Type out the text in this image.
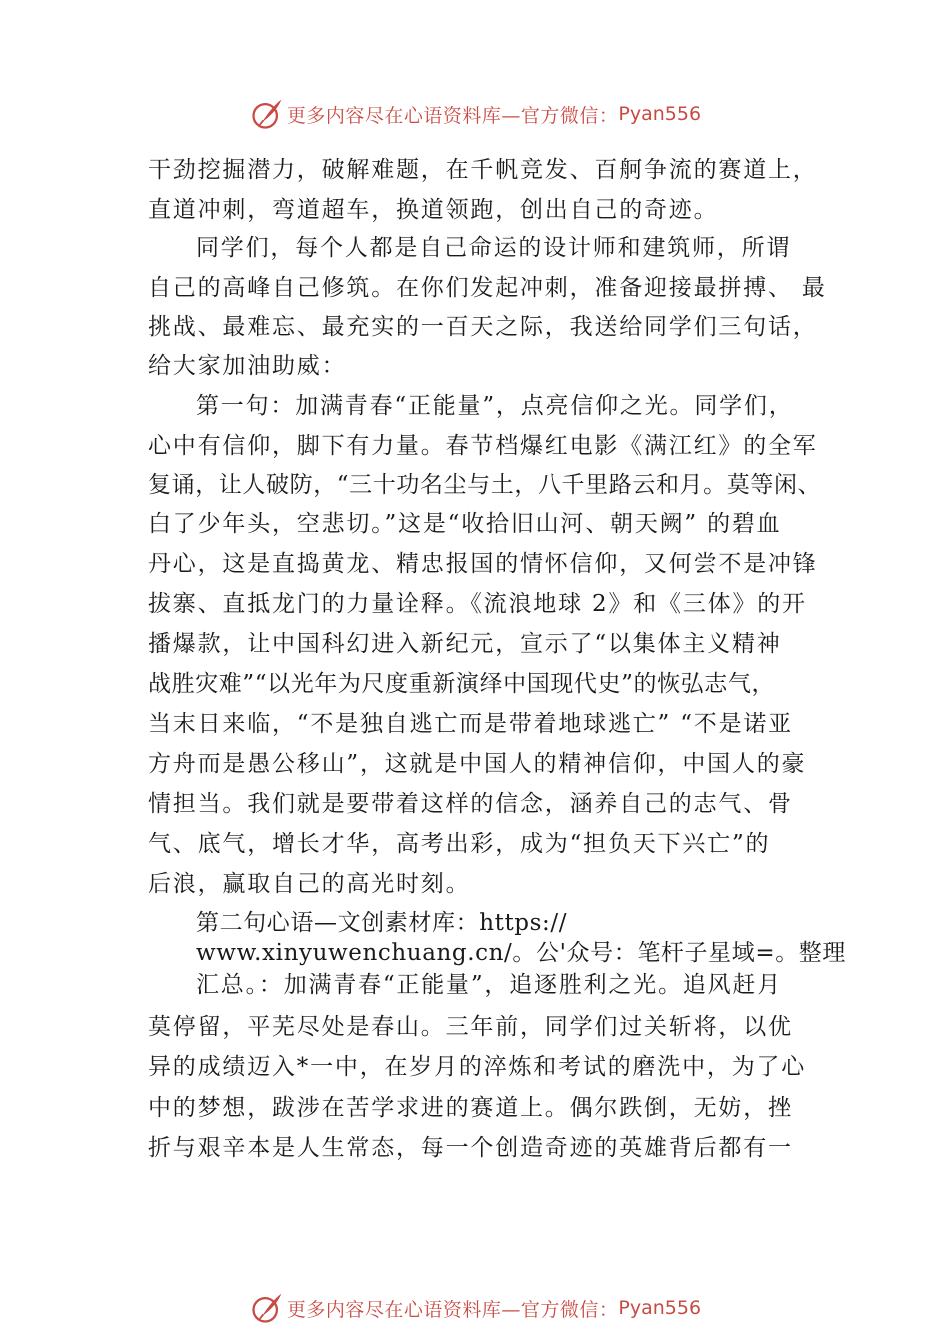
更多内容尽在心语资料库—官方微信： Pyan556
干劲挖掘潜力，破解难题，在千帆竞发、百舸争流的赛道上，
直道冲刺，弯道超车，换道领跑，创出自己的奇迹。
同学们，每个人都是自己命运的设计师和建筑师，所谓
自己的高峰自己修筑。在你们发起冲刺，准备迎接最拼搏、 最
挑战、最难忘、最充实的一百天之际，我送给同学们三句话，
给大家加油助威：
第一句：加满青春“正能量”，点亮信仰之光。同学们，
心中有信仰，脚下有力量。春节档爆红电影《满江红》的全军
复诵，让人破防，“三十功名尘与土，八千里路云和月。莫等闲、
白了少年头，空悲切。”这是“收拾旧山河、朝天阙” 的碧血
丹心，这是直捣黄龙、精忠报国的情怀信仰，又何尝不是冲锋
拔寨、直抵龙门的力量诠释。《流浪地球 2》和《三体》的开
播爆款，让中国科幻进入新纪元，宣示了“以集体主义精神
战胜灾难”“以光年为尺度重新演绎中国现代史”的恢弘志气，
当末日来临，“不是独自逃亡而是带着地球逃亡” “不是诺亚
方舟而是愚公移山”，这就是中国人的精神信仰，中国人的豪
情担当。我们就是要带着这样的信念，涵养自己的志气、骨
气、底气，增长才华，高考出彩，成为“担负天下兴亡”的
后浪，赢取自己的高光时刻。
第二句心语—文创素材库：https://
www.xinyuwenchuang.cn/。公'众号：笔杆子星域=。整理
汇总。：加满青春“正能量”，追逐胜利之光。追风赶月
莫停留，平芜尽处是春山。三年前，同学们过关斩将，以优
异的成绩迈入*一中，在岁月的淬炼和考试的磨洗中，为了心
中的梦想，跋涉在苦学求进的赛道上。偶尔跌倒，无妨，挫
折与艰辛本是人生常态，每一个创造奇迹的英雄背后都有一
更多内容尽在心语资料库—官方微信： Pyan556
